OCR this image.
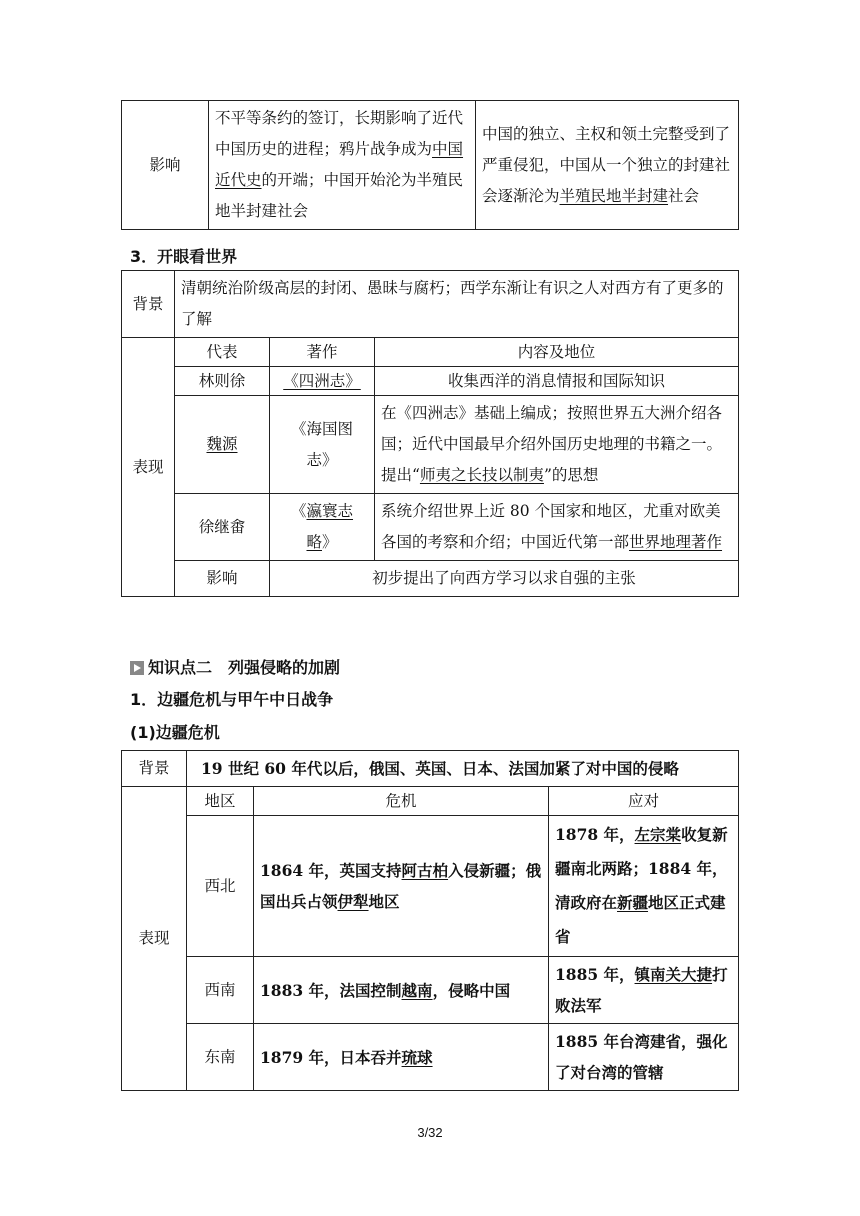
影响	不平等条约的签订，长期影响了近代中国历史的进程；鸦片战争成为中国近代史的开端；中国开始沦为半殖民地半封建社会	中国的独立、主权和领土完整受到了严重侵犯，中国从一个独立的封建社会逐渐沦为半殖民地半封建社会
3．开眼看世界
背景	清朝统治阶级高层的封闭、愚昧与腐朽；西学东渐让有识之人对西方有了更多的了解		
表现	代表	著作	内容及地位
	林则徐	《四洲志》	收集西洋的消息情报和国际知识
	魏源	《海国图志》	在《四洲志》基础上编成；按照世界五大洲介绍各国；近代中国最早介绍外国历史地理的书籍之一。提出“师夷之长技以制夷”的思想
	徐继畬	《瀛寰志略》	系统介绍世界上近 80 个国家和地区，尤重对欧美各国的考察和介绍；中国近代第一部世界地理著作
	影响	初步提出了向西方学习以求自强的主张	
知识点二　列强侵略的加剧
1．边疆危机与甲午中日战争
(1)边疆危机
背景	19 世纪 60 年代以后，俄国、英国、日本、法国加紧了对中国的侵略		
表现	地区	危机	应对
	西北	1864 年，英国支持阿古柏入侵新疆；俄国出兵占领伊犁地区	1878 年，左宗棠收复新疆南北两路；1884 年，清政府在新疆地区正式建省
	西南	1883 年，法国控制越南，侵略中国	1885 年，镇南关大捷打败法军
	东南	1879 年，日本吞并琉球	1885 年台湾建省，强化了对台湾的管辖
3/32
